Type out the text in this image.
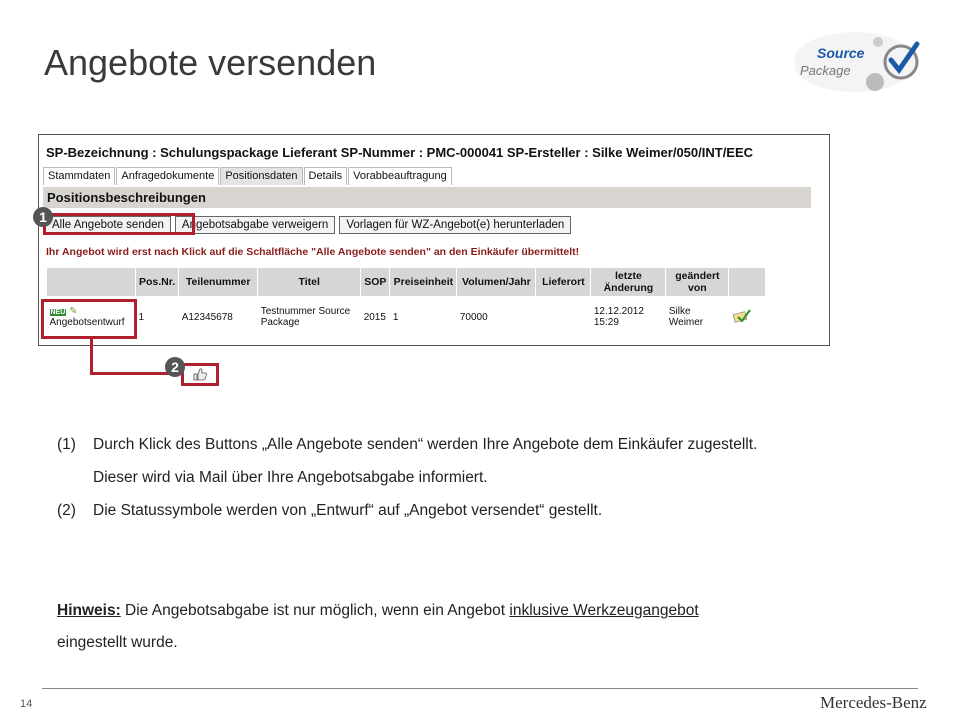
Angebote versenden	Source
Package
SP-Bezeichnung : Schulungspackage Lieferant SP-Nummer : PMC-000041 SP-Ersteller : Silke Weimer/050/INT/EEC
Stammdaten	Anfragedokumente	Positionsdaten	Details	Vorabbeauftragung
Positionsbeschreibungen
Alle Angebote senden	Angebotsabgabe verweigern	Vorlagen für WZ-Angebot(e) herunterladen
Ihr Angebot wird erst nach Klick auf die Schaltfläche "Alle Angebote senden" an den Einkäufer übermittelt!
	Pos.Nr.	Teilenummer	Titel	SOP	Preiseinheit	Volumen/Jahr	Lieferort	letzte Änderung	geändert von	
NEU ✎
Angebotsentwurf	1	A12345678	Testnummer Source Package	2015	1	70000		12.12.2012 15:29	Silke Weimer	
1
2
(1)	Durch Klick des Buttons „Alle Angebote senden“ werden Ihre Angebote dem Einkäufer zugestellt.
Dieser wird via Mail über Ihre Angebotsabgabe informiert.
(2)	Die Statussymbole werden von „Entwurf“ auf „Angebot versendet“ gestellt.
Hinweis: Die Angebotsabgabe ist nur möglich, wenn ein Angebot inklusive Werkzeugangebot
eingestellt wurde.
14	Mercedes-Benz
